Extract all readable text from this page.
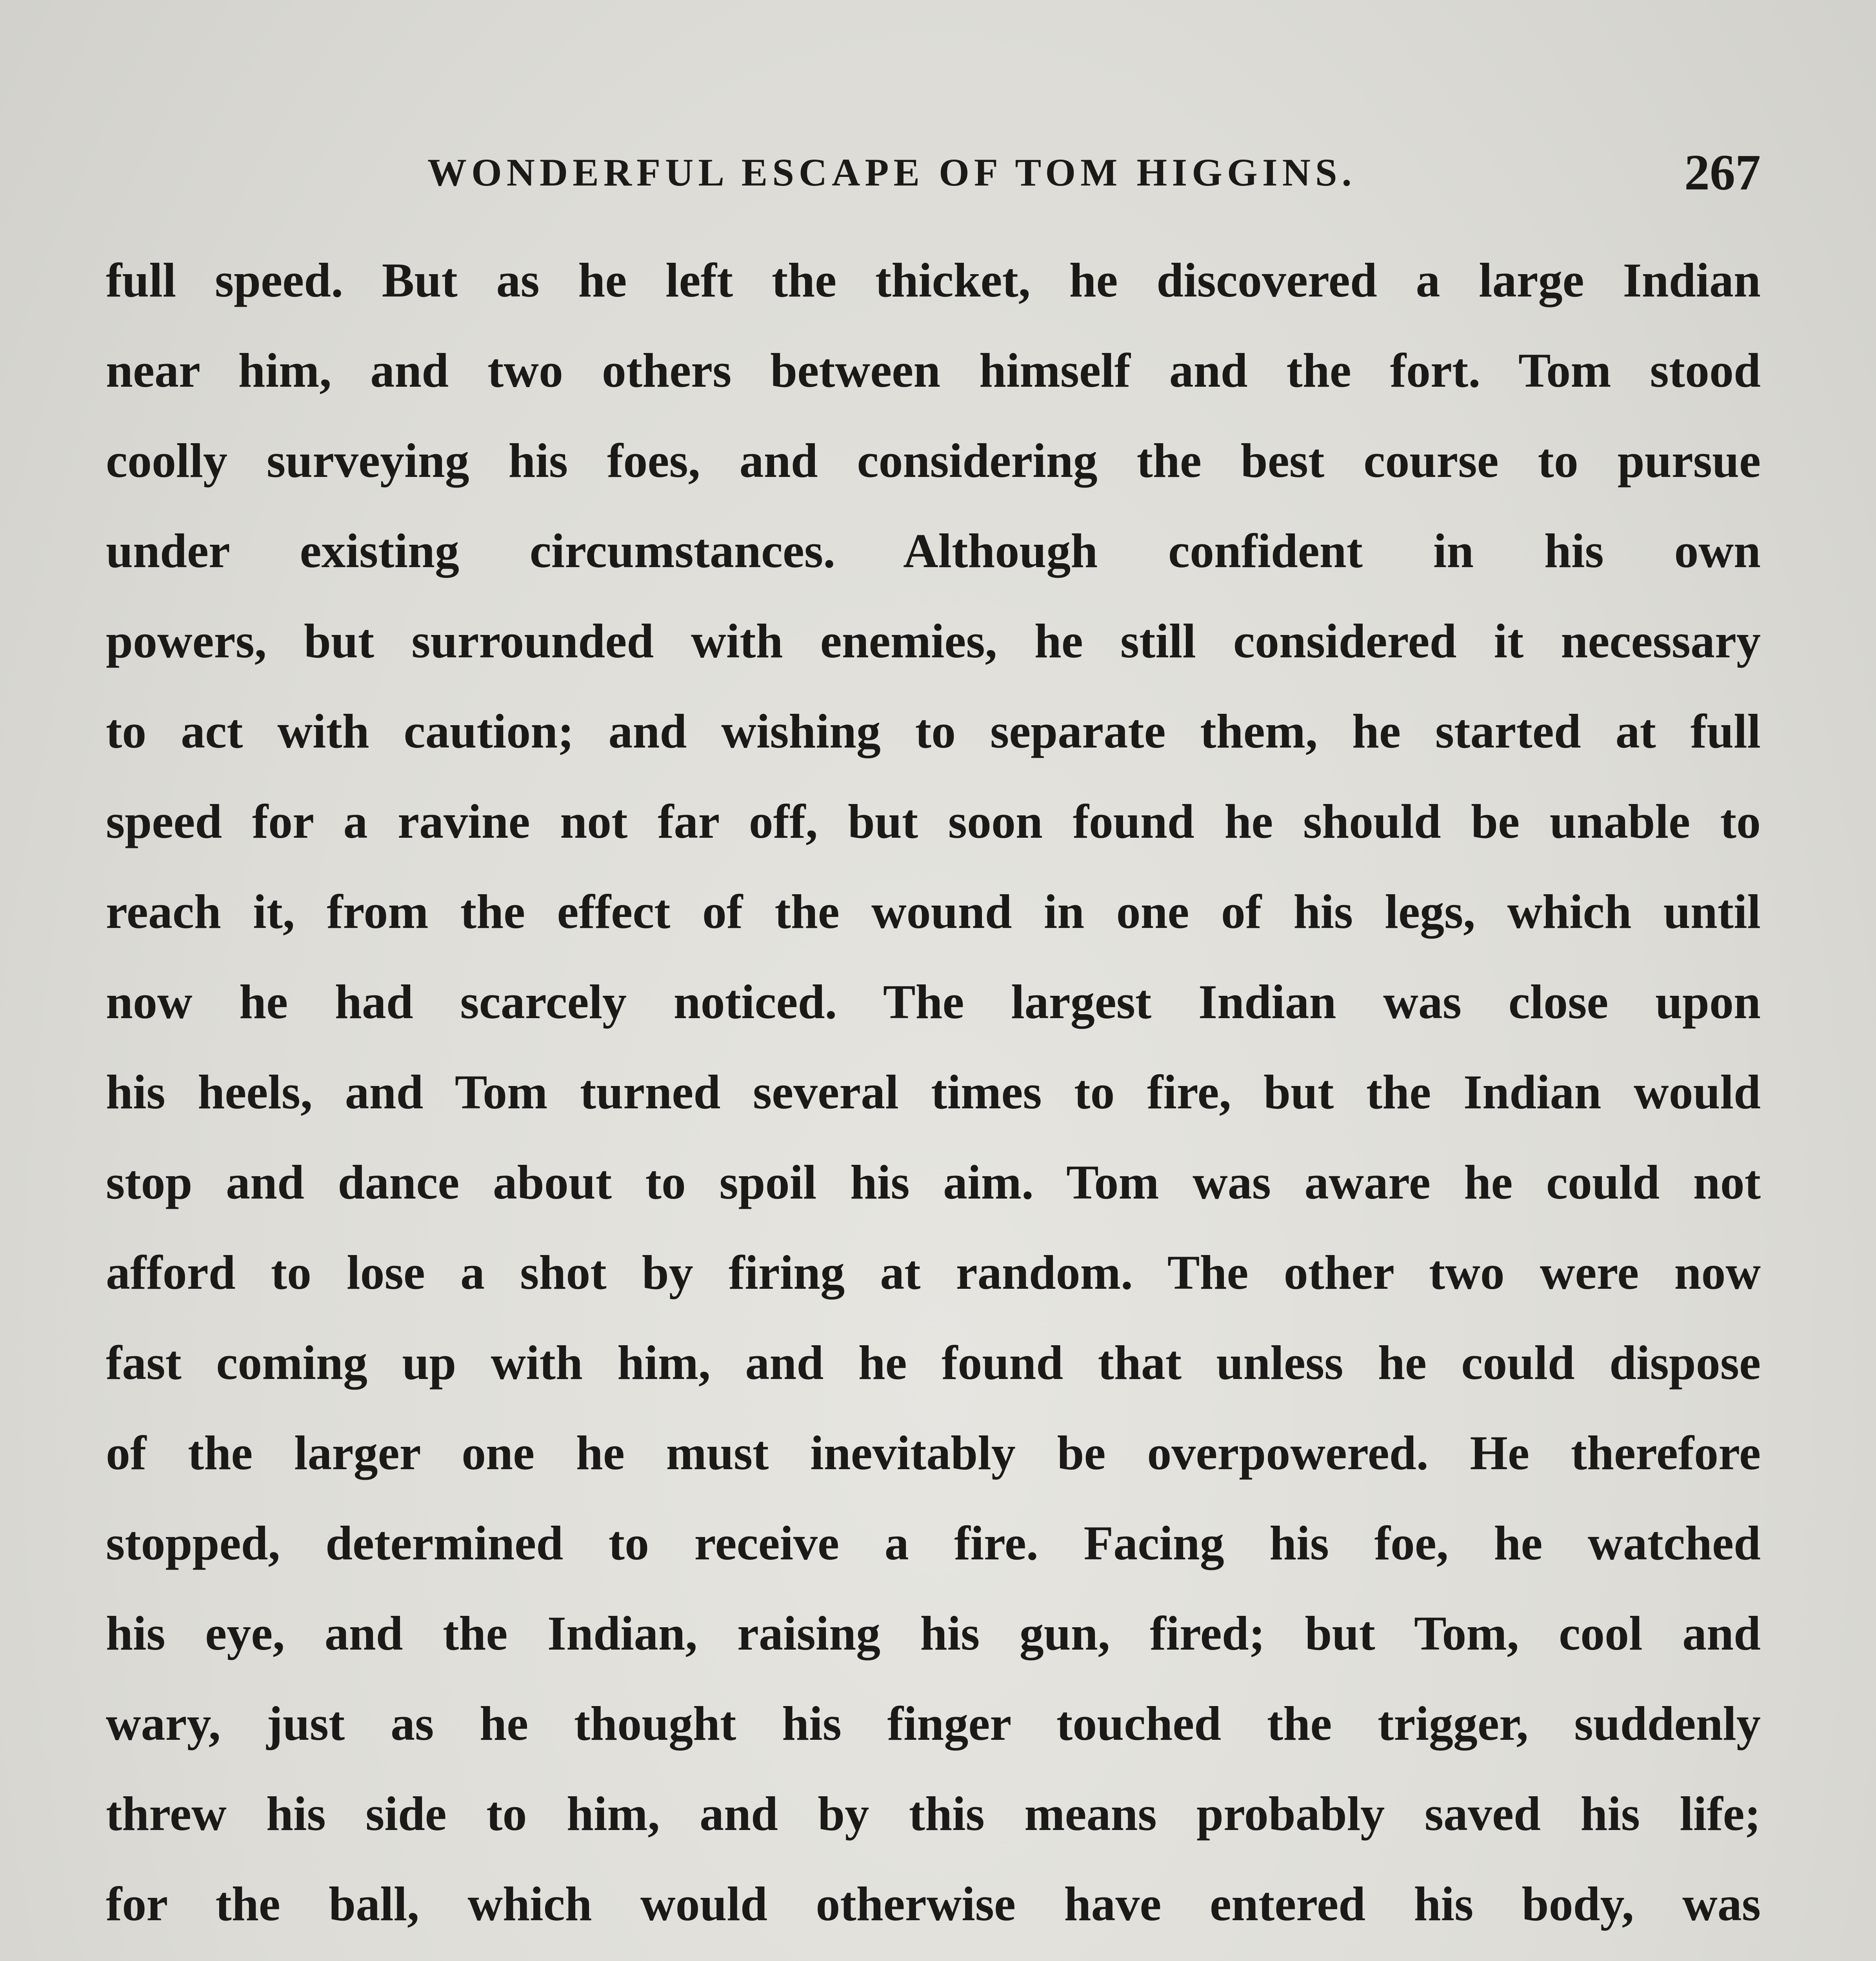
WONDERFUL ESCAPE OF TOM HIGGINS.	267
full speed. But as he left the thicket, he discovered a large Indian
near him, and two others between himself and the fort. Tom stood
coolly surveying his foes, and considering the best course to pursue
under existing circumstances. Although confident in his own
powers, but surrounded with enemies, he still considered it necessary
to act with caution; and wishing to separate them, he started at full
speed for a ravine not far off, but soon found he should be unable to
reach it, from the effect of the wound in one of his legs, which until
now he had scarcely noticed. The largest Indian was close upon
his heels, and Tom turned several times to fire, but the Indian would
stop and dance about to spoil his aim. Tom was aware he could not
afford to lose a shot by firing at random. The other two were now
fast coming up with him, and he found that unless he could dispose
of the larger one he must inevitably be overpowered. He therefore
stopped, determined to receive a fire. Facing his foe, he watched
his eye, and the Indian, raising his gun, fired; but Tom, cool and
wary, just as he thought his finger touched the trigger, suddenly
threw his side to him, and by this means probably saved his life;
for the ball, which would otherwise have entered his body, was
